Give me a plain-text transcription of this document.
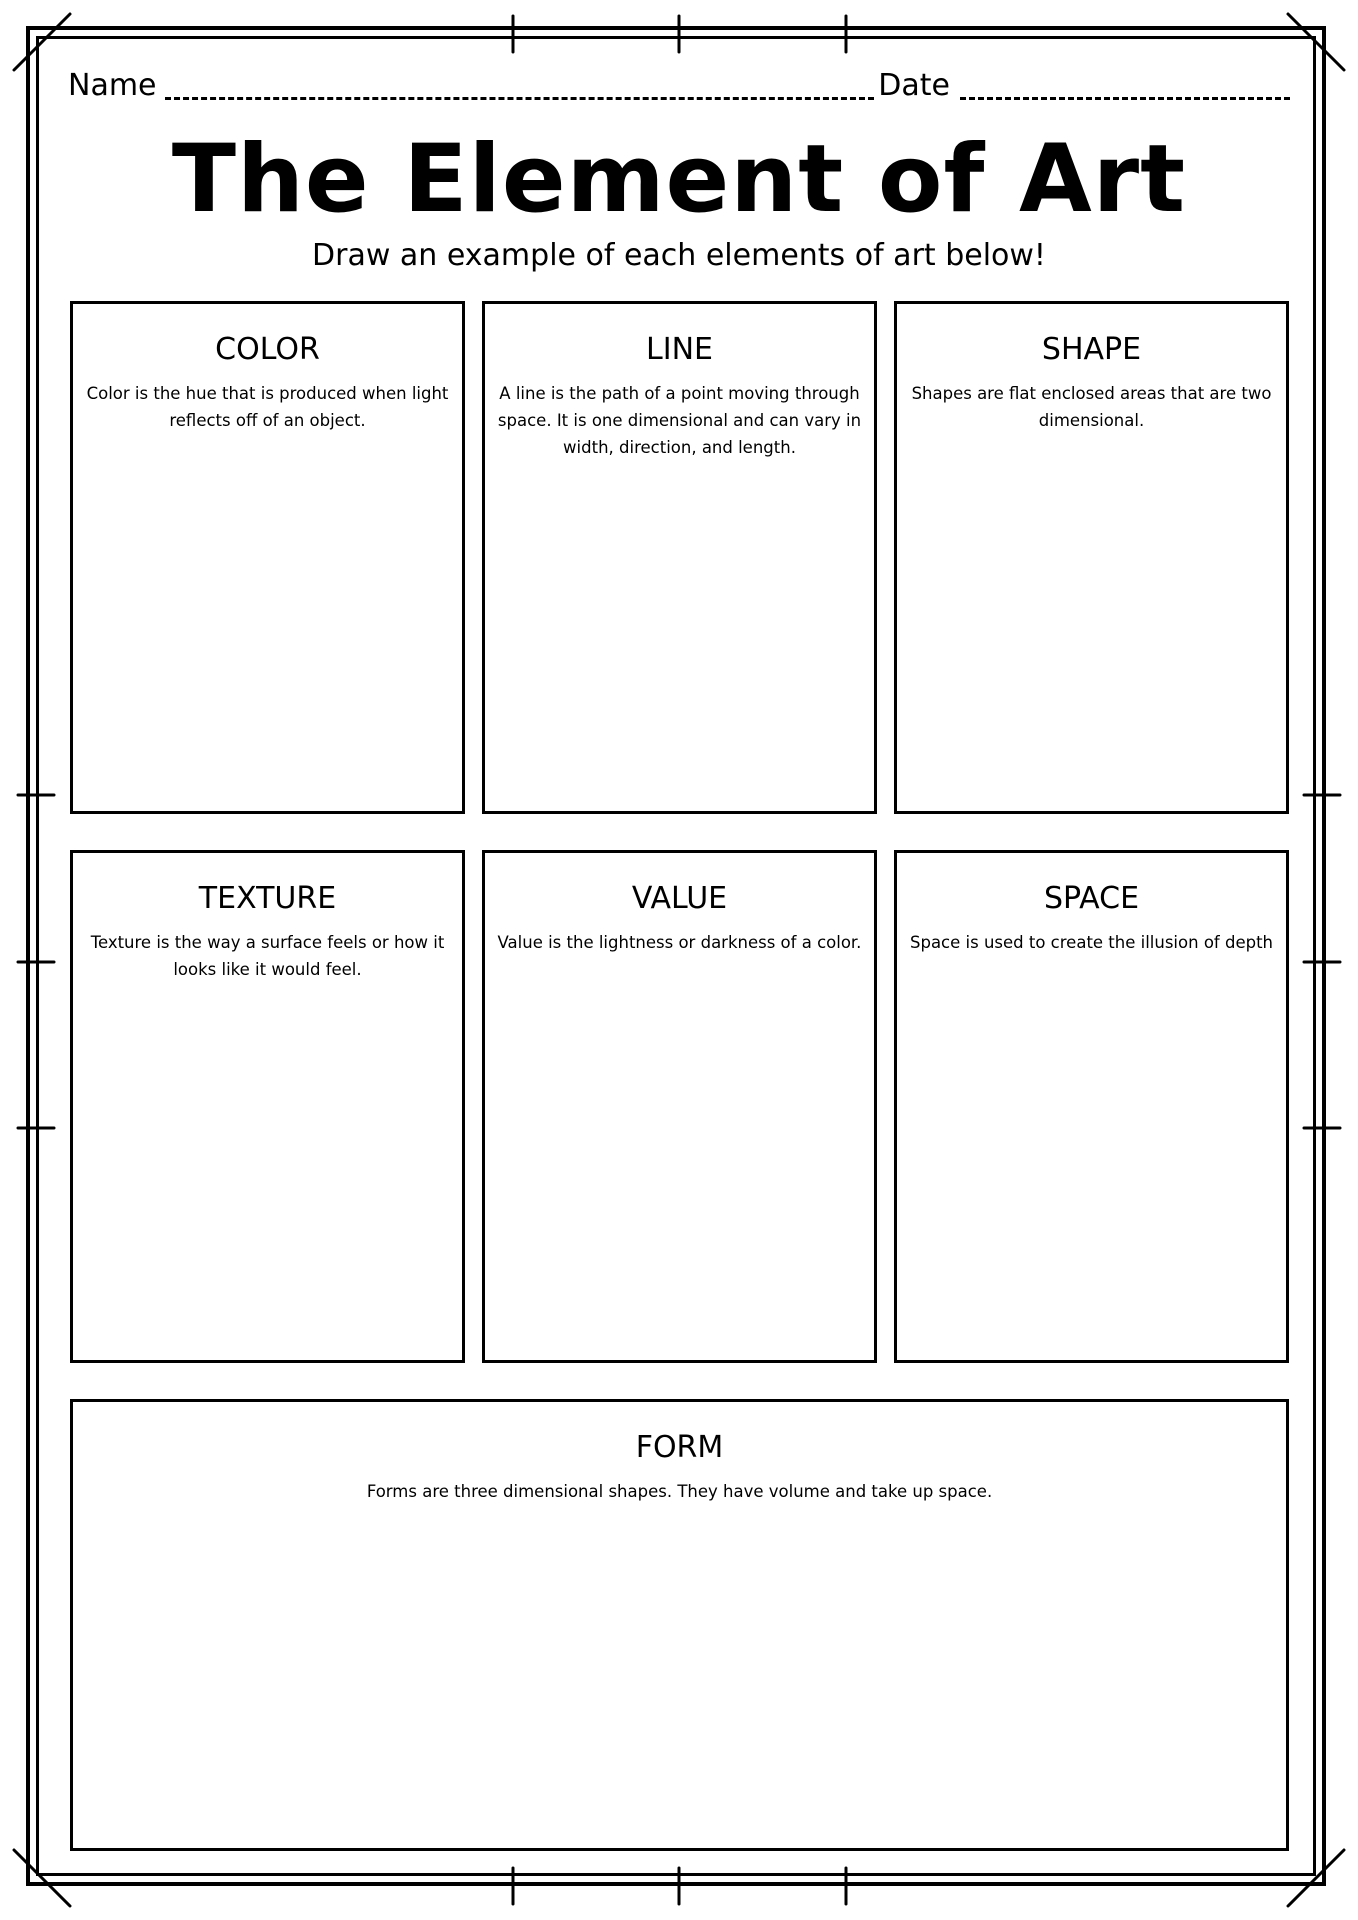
Name	Date
The Element of Art
Draw an example of each elements of art below!
COLOR
Color is the hue that is produced when light reflects off of an object.
LINE
A line is the path of a point moving through space. It is one dimensional and can vary in width, direction, and length.
SHAPE
Shapes are flat enclosed areas that are two dimensional.
TEXTURE
Texture is the way a surface feels or how it looks like it would feel.
VALUE
Value is the lightness or darkness of a color.
SPACE
Space is used to create the illusion of depth
FORM
Forms are three dimensional shapes. They have volume and take up space.
